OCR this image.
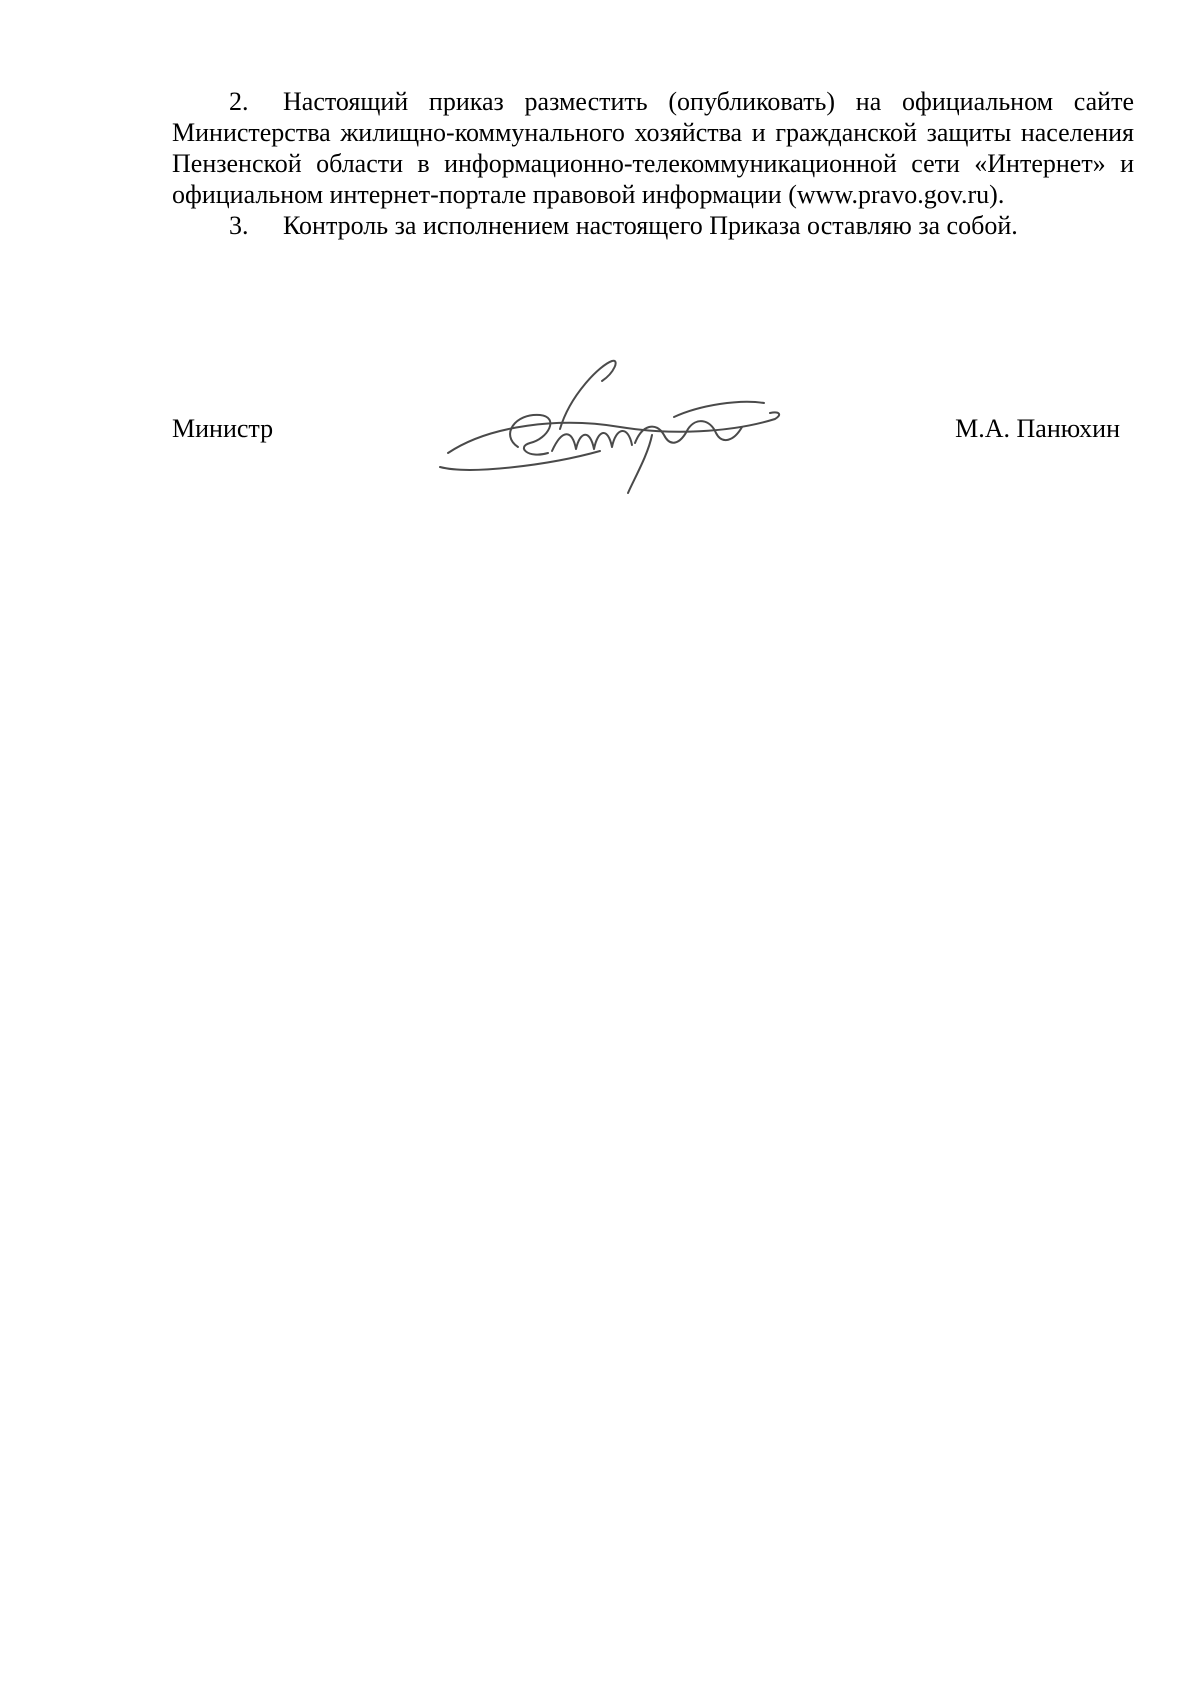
2. Настоящий приказ разместить (опубликовать) на официальном сайте Министерства жилищно-коммунального хозяйства и гражданской защиты населения Пензенской области в информационно-телекоммуникационной сети «Интернет» и официальном интернет-портале правовой информации (www.pravo.gov.ru).

3. Контроль за исполнением настоящего Приказа оставляю за собой.

Министр	М.А. Панюхин
